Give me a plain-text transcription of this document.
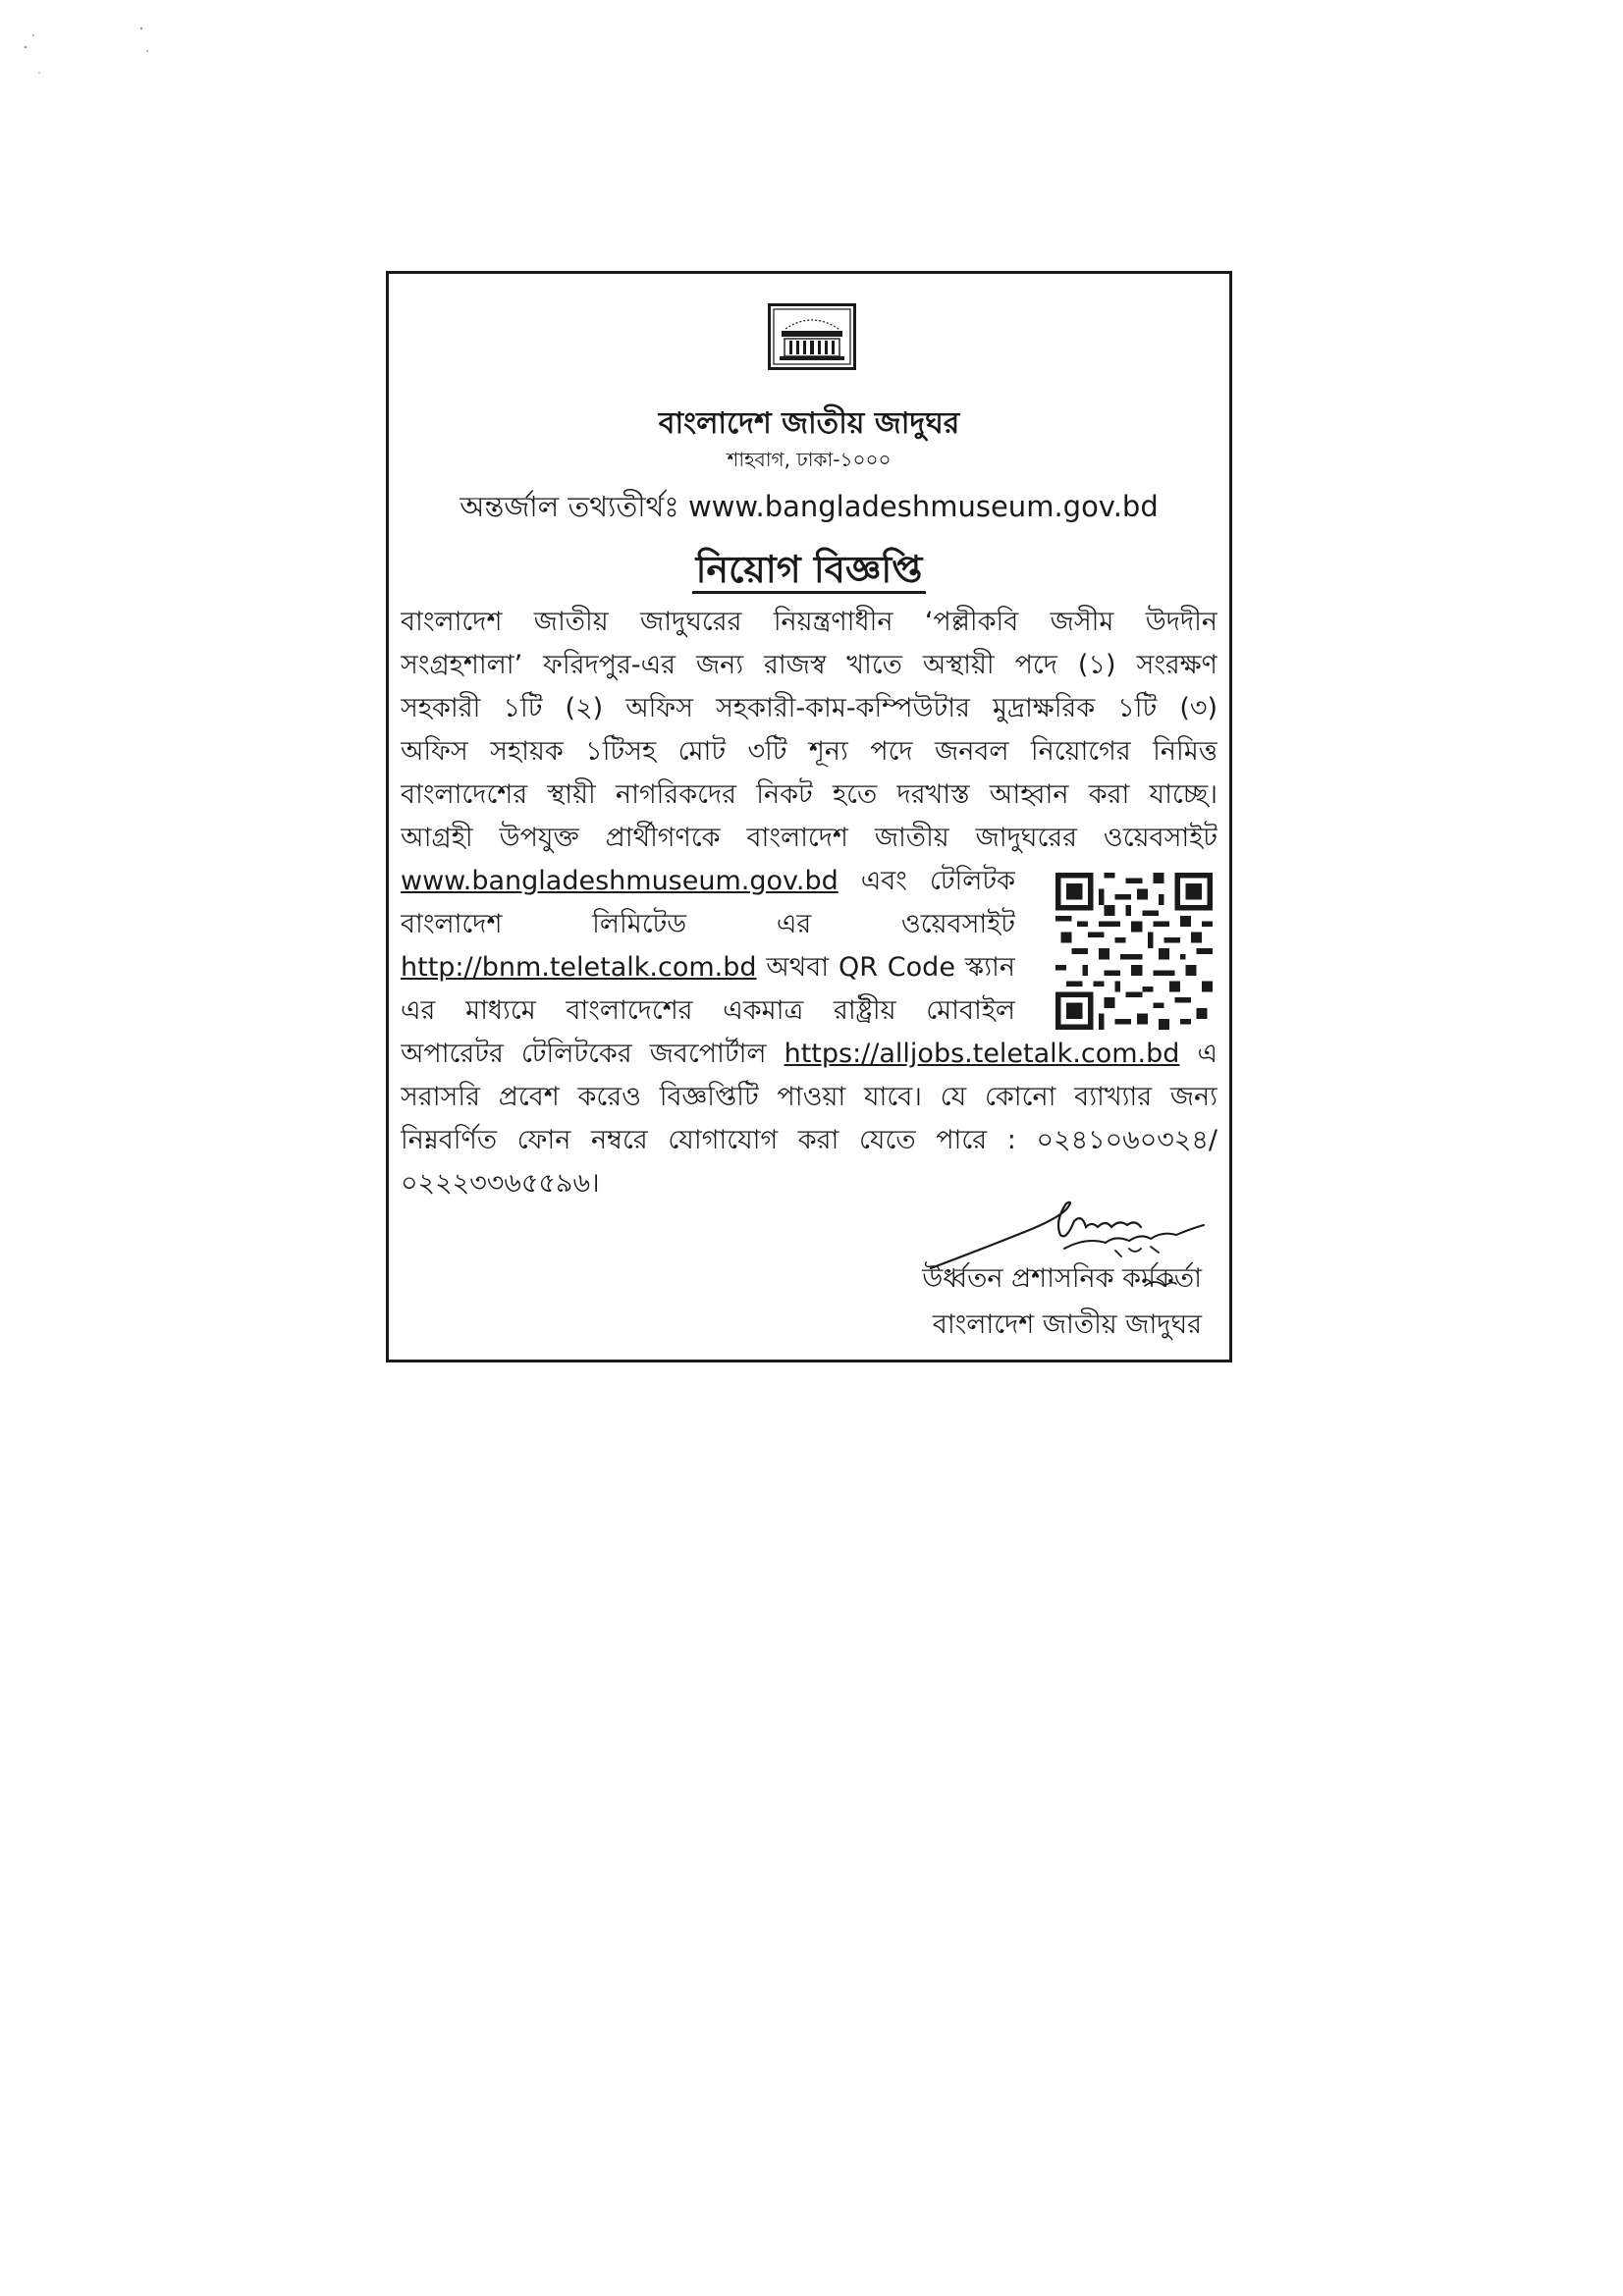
বাংলাদেশ জাতীয় জাদুঘর
শাহবাগ, ঢাকা-১০০০
অন্তর্জাল তথ্যতীর্থঃ www.bangladeshmuseum.gov.bd
নিয়োগ বিজ্ঞপ্তি
বাংলাদেশ জাতীয় জাদুঘরের নিয়ন্ত্রণাধীন ‘পল্লীকবি জসীম উদদীন
সংগ্রহশালা’ ফরিদপুর-এর জন্য রাজস্ব খাতে অস্থায়ী পদে (১) সংরক্ষণ
সহকারী ১টি (২) অফিস সহকারী-কাম-কম্পিউটার মুদ্রাক্ষরিক ১টি (৩)
অফিস সহায়ক ১টিসহ মোট ৩টি শূন্য পদে জনবল নিয়োগের নিমিত্ত
বাংলাদেশের স্থায়ী নাগরিকদের নিকট হতে দরখাস্ত আহ্বান করা যাচ্ছে।
আগ্রহী উপযুক্ত প্রার্থীগণকে বাংলাদেশ জাতীয় জাদুঘরের ওয়েবসাইট
www.bangladeshmuseum.gov.bd এবং টেলিটক
বাংলাদেশ লিমিটেড এর ওয়েবসাইট
http://bnm.teletalk.com.bd অথবা QR Code স্ক্যান
এর মাধ্যমে বাংলাদেশের একমাত্র রাষ্ট্রীয় মোবাইল
অপারেটর টেলিটকের জবপোর্টাল https://alljobs.teletalk.com.bd এ
সরাসরি প্রবেশ করেও বিজ্ঞপ্তিটি পাওয়া যাবে। যে কোনো ব্যাখ্যার জন্য
নিম্নবর্ণিত ফোন নম্বরে যোগাযোগ করা যেতে পারে : ০২৪১০৬০৩২৪/
০২২২৩৩৬৫৫৯৬।
উর্ধ্বতন প্রশাসনিক কর্মকর্তা
বাংলাদেশ জাতীয় জাদুঘর
